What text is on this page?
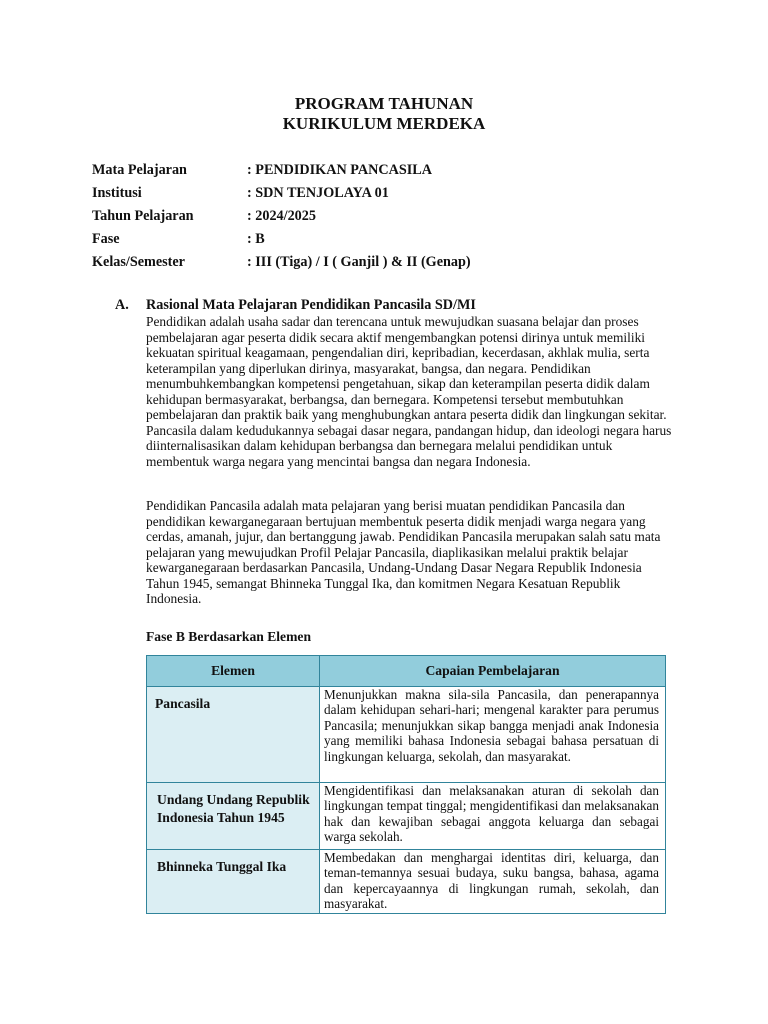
PROGRAM TAHUNAN
KURIKULUM MERDEKA
Mata Pelajaran	: PENDIDIKAN PANCASILA
Institusi	: SDN TENJOLAYA 01
Tahun Pelajaran	: 2024/2025
Fase	: B
Kelas/Semester	: III (Tiga) / I ( Ganjil ) & II (Genap)
A. Rasional Mata Pelajaran Pendidikan Pancasila SD/MI

Pendidikan adalah usaha sadar dan terencana untuk mewujudkan suasana belajar dan proses pembelajaran agar peserta didik secara aktif mengembangkan potensi dirinya untuk memiliki kekuatan spiritual keagamaan, pengendalian diri, kepribadian, kecerdasan, akhlak mulia, serta keterampilan yang diperlukan dirinya, masyarakat, bangsa, dan negara. Pendidikan menumbuhkembangkan kompetensi pengetahuan, sikap dan keterampilan peserta didik dalam kehidupan bermasyarakat, berbangsa, dan bernegara. Kompetensi tersebut membutuhkan pembelajaran dan praktik baik yang menghubungkan antara peserta didik dan lingkungan sekitar. Pancasila dalam kedudukannya sebagai dasar negara, pandangan hidup, dan ideologi negara harus diinternalisasikan dalam kehidupan berbangsa dan bernegara melalui pendidikan untuk membentuk warga negara yang mencintai bangsa dan negara Indonesia.

Pendidikan Pancasila adalah mata pelajaran yang berisi muatan pendidikan Pancasila dan pendidikan kewarganegaraan bertujuan membentuk peserta didik menjadi warga negara yang cerdas, amanah, jujur, dan bertanggung jawab. Pendidikan Pancasila merupakan salah satu mata pelajaran yang mewujudkan Profil Pelajar Pancasila, diaplikasikan melalui praktik belajar kewarganegaraan berdasarkan Pancasila, Undang-Undang Dasar Negara Republik Indonesia Tahun 1945, semangat Bhinneka Tunggal Ika, dan komitmen Negara Kesatuan Republik Indonesia.

Fase B Berdasarkan Elemen
Elemen	Capaian Pembelajaran
Pancasila	Menunjukkan makna sila-sila Pancasila, dan penerapannya dalam kehidupan sehari-hari; mengenal karakter para perumus Pancasila; menunjukkan sikap bangga menjadi anak Indonesia yang memiliki bahasa Indonesia sebagai bahasa persatuan di lingkungan keluarga, sekolah, dan masyarakat.
Undang Undang Republik Indonesia Tahun 1945	Mengidentifikasi dan melaksanakan aturan di sekolah dan lingkungan tempat tinggal; mengidentifikasi dan melaksanakan hak dan kewajiban sebagai anggota keluarga dan sebagai warga sekolah.
Bhinneka Tunggal Ika	Membedakan dan menghargai identitas diri, keluarga, dan teman-temannya sesuai budaya, suku bangsa, bahasa, agama dan kepercayaannya di lingkungan rumah, sekolah, dan masyarakat.
